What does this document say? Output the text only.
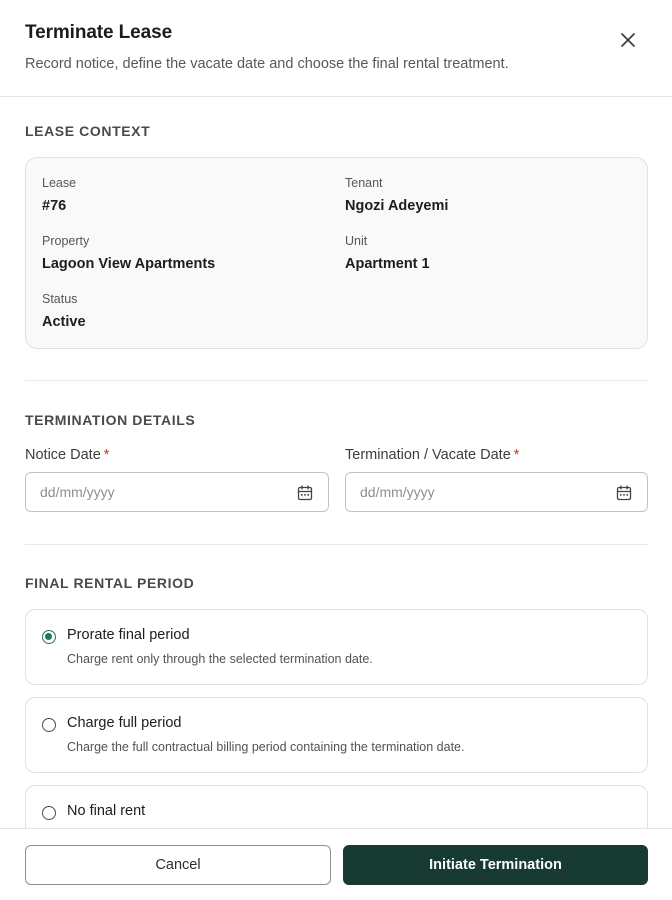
Terminate Lease
Record notice, define the vacate date and choose the final rental treatment.
LEASE CONTEXT
Lease
#76
Tenant
Ngozi Adeyemi
Property
Lagoon View Apartments
Unit
Apartment 1
Status
Active
TERMINATION DETAILS
Notice Date *
dd/mm/yyyy
Termination / Vacate Date *
dd/mm/yyyy
FINAL RENTAL PERIOD
Prorate final period
Charge rent only through the selected termination date.
Charge full period
Charge the full contractual billing period containing the termination date.
No final rent
Cancel	Initiate Termination
